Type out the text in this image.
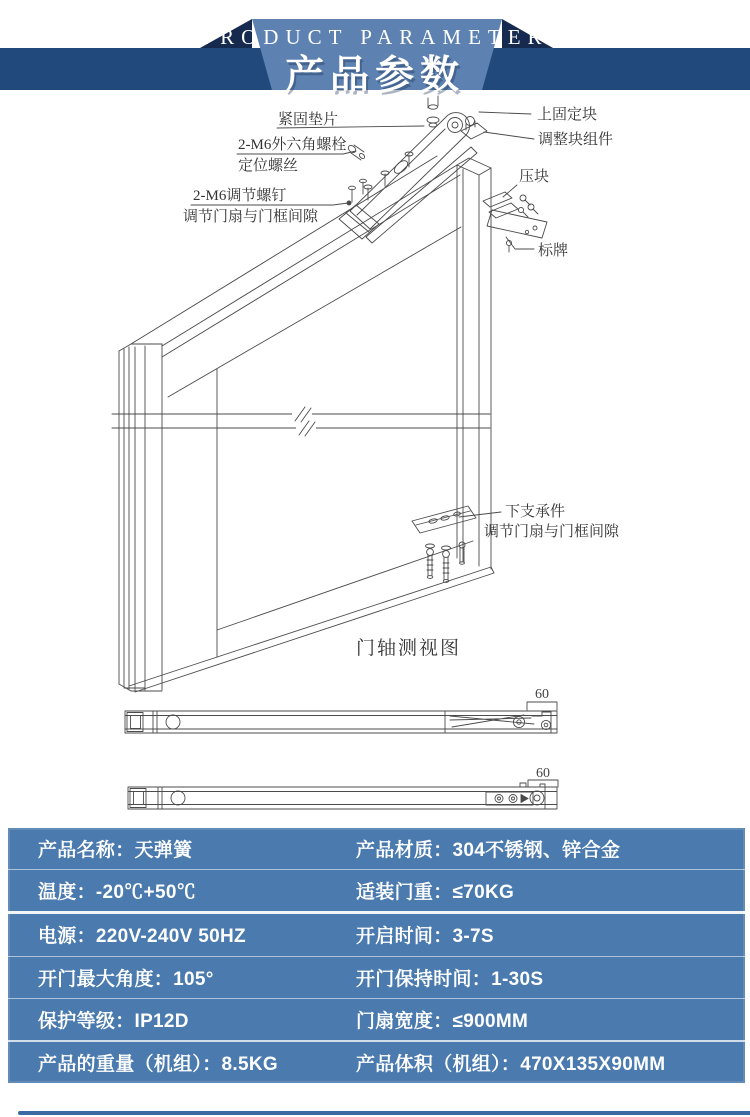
PRODUCT PARAMETER
产品参数
紧固垫片	上固定块
调整块组件
2-M6外六角螺栓
定位螺丝
压块
2-M6调节螺钉
调节门扇与门框间隙
标牌
下支承件
调节门扇与门框间隙
门轴测视图
60
60
产品名称：天弹簧	产品材质：304不锈钢、锌合金
温度：-20℃+50℃	适装门重：≤70KG
电源：220V-240V 50HZ	开启时间：3-7S
开门最大角度：105°	开门保持时间：1-30S
保护等级：IP12D	门扇宽度：≤900MM
产品的重量（机组）：8.5KG	产品体积（机组）：470X135X90MM
